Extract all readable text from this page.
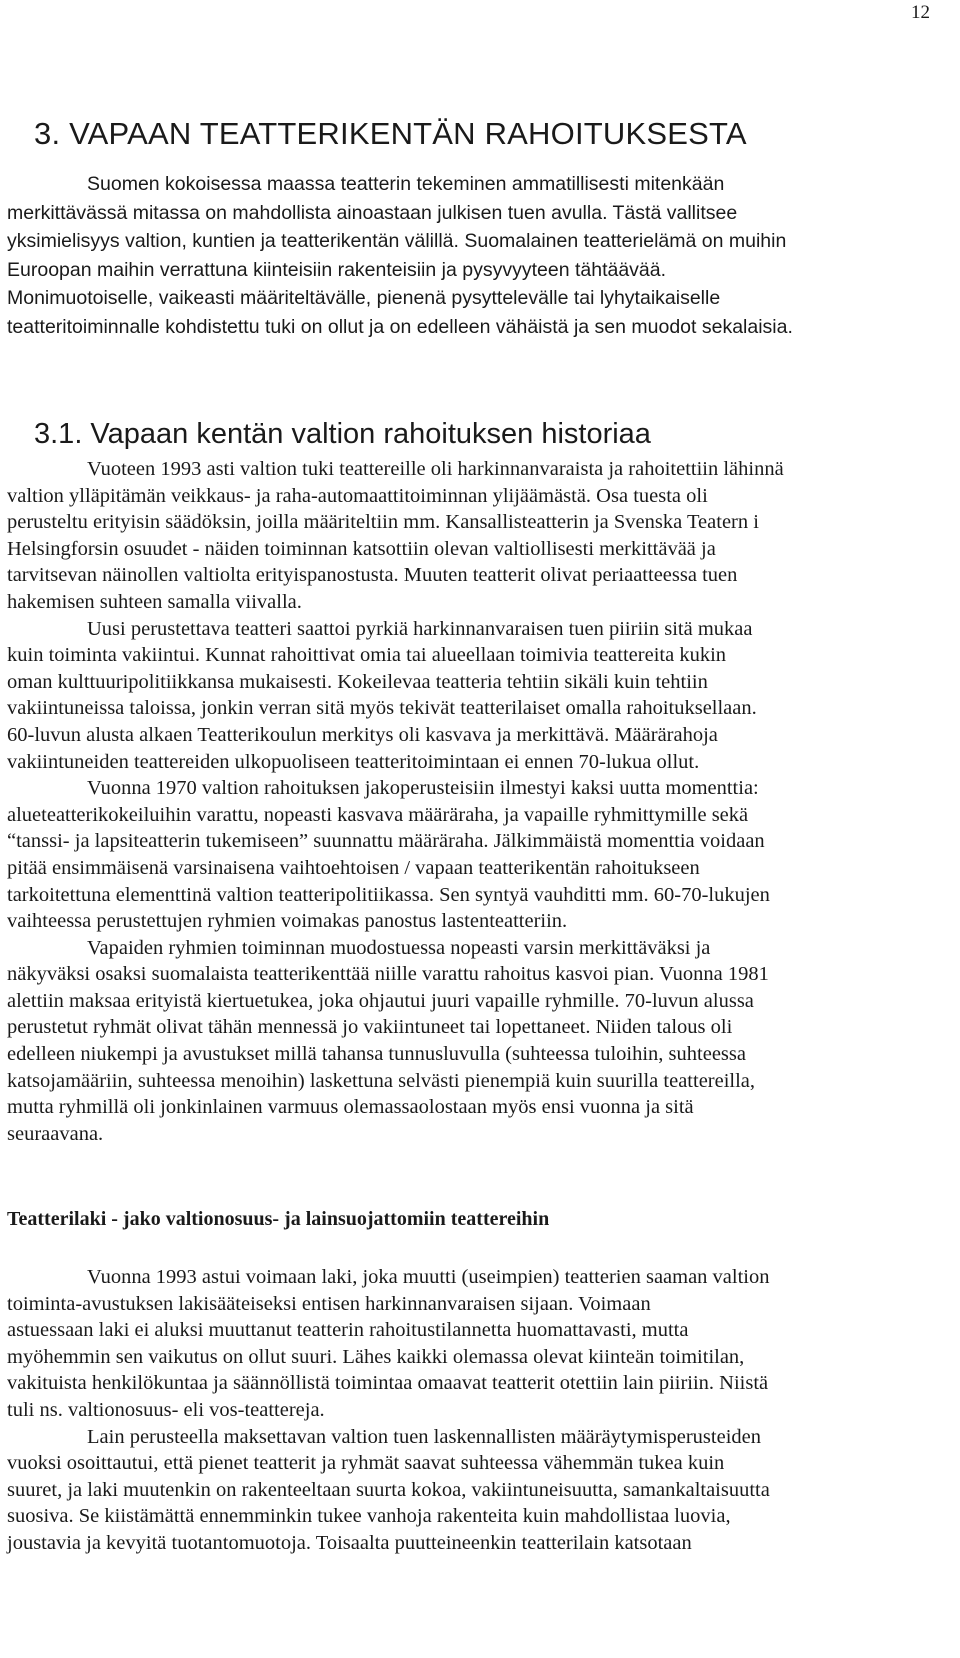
12
3. VAPAAN TEATTERIKENTÄN RAHOITUKSESTA
Suomen kokoisessa maassa teatterin tekeminen ammatillisesti mitenkään
merkittävässä mitassa on mahdollista ainoastaan julkisen tuen avulla. Tästä vallitsee
yksimielisyys valtion, kuntien ja teatterikentän välillä. Suomalainen teatterielämä on muihin
Euroopan maihin verrattuna kiinteisiin rakenteisiin ja pysyvyyteen tähtäävää.
Monimuotoiselle, vaikeasti määriteltävälle, pienenä pysyttelevälle tai lyhytaikaiselle
teatteritoiminnalle kohdistettu tuki on ollut ja on edelleen vähäistä ja sen muodot sekalaisia.
3.1. Vapaan kentän valtion rahoituksen historiaa
Vuoteen 1993 asti valtion tuki teattereille oli harkinnanvaraista ja rahoitettiin lähinnä
valtion ylläpitämän veikkaus- ja raha-automaattitoiminnan ylijäämästä. Osa tuesta oli
perusteltu erityisin säädöksin, joilla määriteltiin mm. Kansallisteatterin ja Svenska Teatern i
Helsingforsin osuudet - näiden toiminnan katsottiin olevan valtiollisesti merkittävää ja
tarvitsevan näinollen valtiolta erityispanostusta. Muuten teatterit olivat periaatteessa tuen
hakemisen suhteen samalla viivalla.
Uusi perustettava teatteri saattoi pyrkiä harkinnanvaraisen tuen piiriin sitä mukaa
kuin toiminta vakiintui. Kunnat rahoittivat omia tai alueellaan toimivia teattereita kukin
oman kulttuuripolitiikkansa mukaisesti. Kokeilevaa teatteria tehtiin sikäli kuin tehtiin
vakiintuneissa taloissa, jonkin verran sitä myös tekivät teatterilaiset omalla rahoituksellaan.
60-luvun alusta alkaen Teatterikoulun merkitys oli kasvava ja merkittävä. Määrärahoja
vakiintuneiden teattereiden ulkopuoliseen teatteritoimintaan ei ennen 70-lukua ollut.
Vuonna 1970 valtion rahoituksen jakoperusteisiin ilmestyi kaksi uutta momenttia:
alueteatterikokeiluihin varattu, nopeasti kasvava määräraha, ja vapaille ryhmittymille sekä
“tanssi- ja lapsiteatterin tukemiseen” suunnattu määräraha. Jälkimmäistä momenttia voidaan
pitää ensimmäisenä varsinaisena vaihtoehtoisen / vapaan teatterikentän rahoitukseen
tarkoitettuna elementtinä valtion teatteripolitiikassa. Sen syntyä vauhditti mm. 60-70-lukujen
vaihteessa perustettujen ryhmien voimakas panostus lastenteatteriin.
Vapaiden ryhmien toiminnan muodostuessa nopeasti varsin merkittäväksi ja
näkyväksi osaksi suomalaista teatterikenttää niille varattu rahoitus kasvoi pian. Vuonna 1981
alettiin maksaa erityistä kiertuetukea, joka ohjautui juuri vapaille ryhmille. 70-luvun alussa
perustetut ryhmät olivat tähän mennessä jo vakiintuneet tai lopettaneet. Niiden talous oli
edelleen niukempi ja avustukset millä tahansa tunnusluvulla (suhteessa tuloihin, suhteessa
katsojamääriin, suhteessa menoihin) laskettuna selvästi pienempiä kuin suurilla teattereilla,
mutta ryhmillä oli jonkinlainen varmuus olemassaolostaan myös ensi vuonna ja sitä
seuraavana.
Teatterilaki - jako valtionosuus- ja lainsuojattomiin teattereihin
Vuonna 1993 astui voimaan laki, joka muutti (useimpien) teatterien saaman valtion
toiminta-avustuksen lakisääteiseksi entisen harkinnanvaraisen sijaan. Voimaan
astuessaan laki ei aluksi muuttanut teatterin rahoitustilannetta huomattavasti, mutta
myöhemmin sen vaikutus on ollut suuri. Lähes kaikki olemassa olevat kiinteän toimitilan,
vakituista henkilökuntaa ja säännöllistä toimintaa omaavat teatterit otettiin lain piiriin. Niistä
tuli ns. valtionosuus- eli vos-teattereja.
Lain perusteella maksettavan valtion tuen laskennallisten määräytymisperusteiden
vuoksi osoittautui, että pienet teatterit ja ryhmät saavat suhteessa vähemmän tukea kuin
suuret, ja laki muutenkin on rakenteeltaan suurta kokoa, vakiintuneisuutta, samankaltaisuutta
suosiva. Se kiistämättä ennemminkin tukee vanhoja rakenteita kuin mahdollistaa luovia,
joustavia ja kevyitä tuotantomuotoja. Toisaalta puutteineenkin teatterilain katsotaan
